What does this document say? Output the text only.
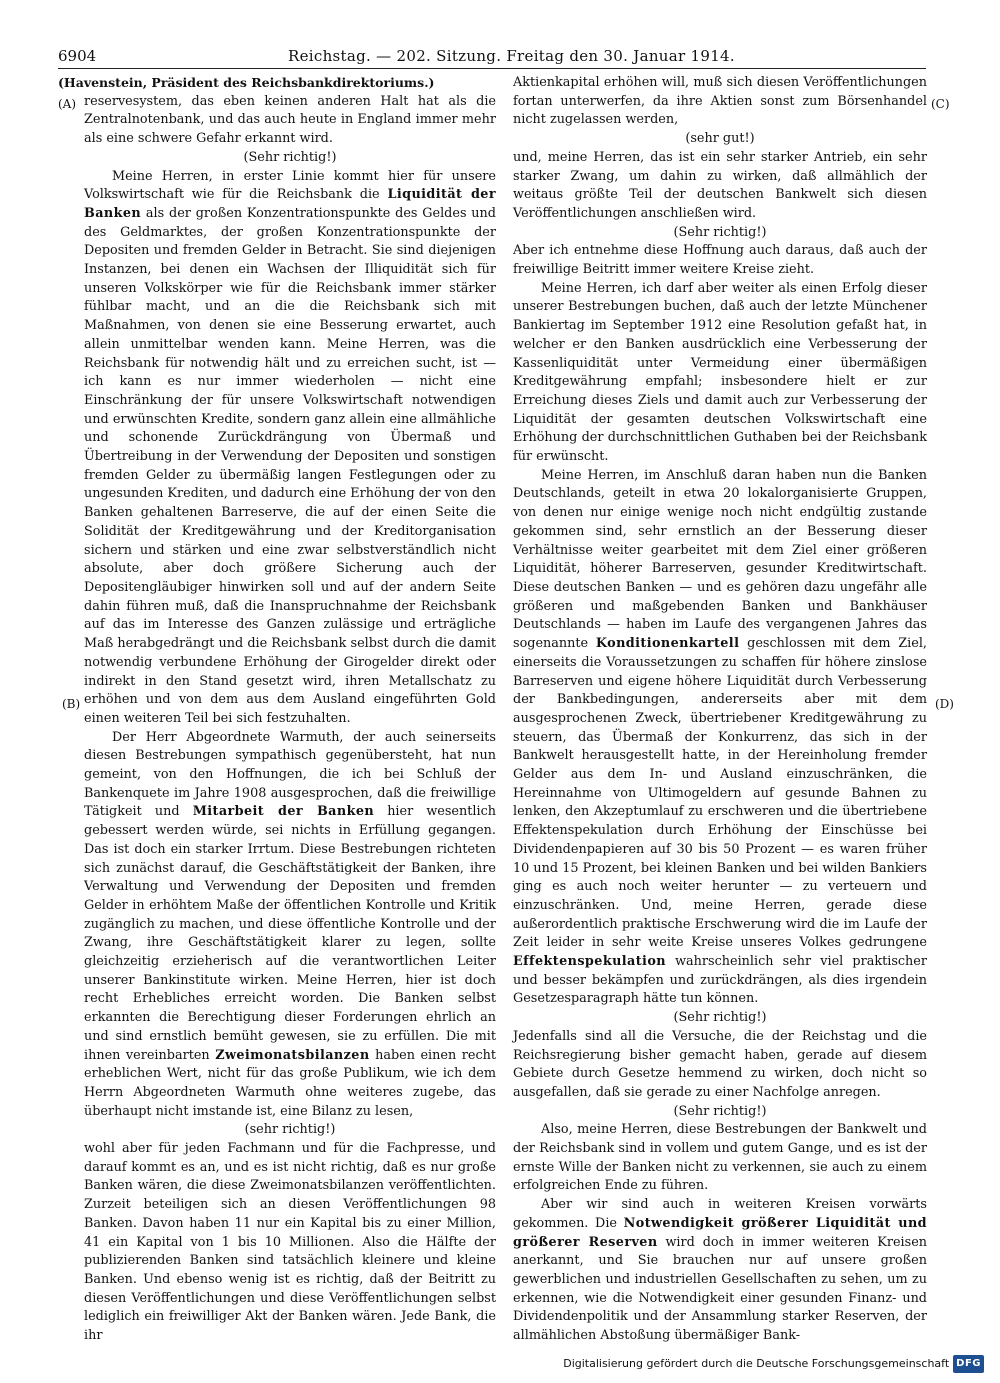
6904	Reichstag. — 202. Sitzung. Freitag den 30. Januar 1914.
(A)
(B)
(C)
(D)

(Havenstein, Präsident des Reichsbankdirektoriums.)

reservesystem, das eben keinen anderen Halt hat als die Zentralnotenbank, und das auch heute in England immer mehr als eine schwere Gefahr erkannt wird.

(Sehr richtig!)

Meine Herren, in erster Linie kommt hier für unsere Volkswirtschaft wie für die Reichsbank die Liquidität der Banken als der großen Konzentrationspunkte des Geldes und des Geldmarktes, der großen Konzentrationspunkte der Depositen und fremden Gelder in Betracht. Sie sind diejenigen Instanzen, bei denen ein Wachsen der Illiquidität sich für unseren Volkskörper wie für die Reichsbank immer stärker fühlbar macht, und an die die Reichsbank sich mit Maßnahmen, von denen sie eine Besserung erwartet, auch allein unmittelbar wenden kann. Meine Herren, was die Reichsbank für notwendig hält und zu erreichen sucht, ist — ich kann es nur immer wiederholen — nicht eine Einschränkung der für unsere Volkswirtschaft notwendigen und erwünschten Kredite, sondern ganz allein eine allmähliche und schonende Zurückdrängung von Übermaß und Übertreibung in der Verwendung der Depositen und sonstigen fremden Gelder zu übermäßig langen Festlegungen oder zu ungesunden Krediten, und dadurch eine Erhöhung der von den Banken gehaltenen Barreserve, die auf der einen Seite die Solidität der Kreditgewährung und der Kreditorganisation sichern und stärken und eine zwar selbstverständlich nicht absolute, aber doch größere Sicherung auch der Depositengläubiger hinwirken soll und auf der andern Seite dahin führen muß, daß die Inanspruchnahme der Reichsbank auf das im Interesse des Ganzen zulässige und erträgliche Maß herabgedrängt und die Reichsbank selbst durch die damit notwendig verbundene Erhöhung der Girogelder direkt oder indirekt in den Stand gesetzt wird, ihren Metallschatz zu erhöhen und von dem aus dem Ausland eingeführten Gold einen weiteren Teil bei sich festzuhalten.

Der Herr Abgeordnete Warmuth, der auch seinerseits diesen Bestrebungen sympathisch gegenübersteht, hat nun gemeint, von den Hoffnungen, die ich bei Schluß der Bankenquete im Jahre 1908 ausgesprochen, daß die freiwillige Tätigkeit und Mitarbeit der Banken hier wesentlich gebessert werden würde, sei nichts in Erfüllung gegangen. Das ist doch ein starker Irrtum. Diese Bestrebungen richteten sich zunächst darauf, die Geschäftstätigkeit der Banken, ihre Verwaltung und Verwendung der Depositen und fremden Gelder in erhöhtem Maße der öffentlichen Kontrolle und Kritik zugänglich zu machen, und diese öffentliche Kontrolle und der Zwang, ihre Geschäftstätigkeit klarer zu legen, sollte gleichzeitig erzieherisch auf die verantwortlichen Leiter unserer Bankinstitute wirken. Meine Herren, hier ist doch recht Erhebliches erreicht worden. Die Banken selbst erkannten die Berechtigung dieser Forderungen ehrlich an und sind ernstlich bemüht gewesen, sie zu erfüllen. Die mit ihnen vereinbarten Zweimonatsbilanzen haben einen recht erheblichen Wert, nicht für das große Publikum, wie ich dem Herrn Abgeordneten Warmuth ohne weiteres zugebe, das überhaupt nicht imstande ist, eine Bilanz zu lesen,

(sehr richtig!)

wohl aber für jeden Fachmann und für die Fachpresse, und darauf kommt es an, und es ist nicht richtig, daß es nur große Banken wären, die diese Zweimonatsbilanzen veröffentlichten. Zurzeit beteiligen sich an diesen Veröffentlichungen 98 Banken. Davon haben 11 nur ein Kapital bis zu einer Million, 41 ein Kapital von 1 bis 10 Millionen. Also die Hälfte der publizierenden Banken sind tatsächlich kleinere und kleine Banken. Und ebenso wenig ist es richtig, daß der Beitritt zu diesen Veröffentlichungen und diese Veröffentlichungen selbst lediglich ein freiwilliger Akt der Banken wären. Jede Bank, die ihr

Aktienkapital erhöhen will, muß sich diesen Veröffentlichungen fortan unterwerfen, da ihre Aktien sonst zum Börsenhandel nicht zugelassen werden,

(sehr gut!)

und, meine Herren, das ist ein sehr starker Antrieb, ein sehr starker Zwang, um dahin zu wirken, daß allmählich der weitaus größte Teil der deutschen Bankwelt sich diesen Veröffentlichungen anschließen wird.

(Sehr richtig!)

Aber ich entnehme diese Hoffnung auch daraus, daß auch der freiwillige Beitritt immer weitere Kreise zieht.

Meine Herren, ich darf aber weiter als einen Erfolg dieser unserer Bestrebungen buchen, daß auch der letzte Münchener Bankiertag im September 1912 eine Resolution gefaßt hat, in welcher er den Banken ausdrücklich eine Verbesserung der Kassenliquidität unter Vermeidung einer übermäßigen Kreditgewährung empfahl; insbesondere hielt er zur Erreichung dieses Ziels und damit auch zur Verbesserung der Liquidität der gesamten deutschen Volkswirtschaft eine Erhöhung der durchschnittlichen Guthaben bei der Reichsbank für erwünscht.

Meine Herren, im Anschluß daran haben nun die Banken Deutschlands, geteilt in etwa 20 lokalorganisierte Gruppen, von denen nur einige wenige noch nicht endgültig zustande gekommen sind, sehr ernstlich an der Besserung dieser Verhältnisse weiter gearbeitet mit dem Ziel einer größeren Liquidität, höherer Barreserven, gesunder Kreditwirtschaft. Diese deutschen Banken — und es gehören dazu ungefähr alle größeren und maßgebenden Banken und Bankhäuser Deutschlands — haben im Laufe des vergangenen Jahres das sogenannte Konditionenkartell geschlossen mit dem Ziel, einerseits die Voraussetzungen zu schaffen für höhere zinslose Barreserven und eigene höhere Liquidität durch Verbesserung der Bankbedingungen, andererseits aber mit dem ausgesprochenen Zweck, übertriebener Kreditgewährung zu steuern, das Übermaß der Konkurrenz, das sich in der Bankwelt herausgestellt hatte, in der Hereinholung fremder Gelder aus dem In- und Ausland einzuschränken, die Hereinnahme von Ultimogeldern auf gesunde Bahnen zu lenken, den Akzeptumlauf zu erschweren und die übertriebene Effektenspekulation durch Erhöhung der Einschüsse bei Dividendenpapieren auf 30 bis 50 Prozent — es waren früher 10 und 15 Prozent, bei kleinen Banken und bei wilden Bankiers ging es auch noch weiter herunter — zu verteuern und einzuschränken. Und, meine Herren, gerade diese außerordentlich praktische Erschwerung wird die im Laufe der Zeit leider in sehr weite Kreise unseres Volkes gedrungene Effektenspekulation wahrscheinlich sehr viel praktischer und besser bekämpfen und zurückdrängen, als dies irgendein Gesetzesparagraph hätte tun können.

(Sehr richtig!)

Jedenfalls sind all die Versuche, die der Reichstag und die Reichsregierung bisher gemacht haben, gerade auf diesem Gebiete durch Gesetze hemmend zu wirken, doch nicht so ausgefallen, daß sie gerade zu einer Nachfolge anregen.

(Sehr richtig!)

Also, meine Herren, diese Bestrebungen der Bankwelt und der Reichsbank sind in vollem und gutem Gange, und es ist der ernste Wille der Banken nicht zu verkennen, sie auch zu einem erfolgreichen Ende zu führen.

Aber wir sind auch in weiteren Kreisen vorwärts gekommen. Die Notwendigkeit größerer Liquidität und größerer Reserven wird doch in immer weiteren Kreisen anerkannt, und Sie brauchen nur auf unsere großen gewerblichen und industriellen Gesellschaften zu sehen, um zu erkennen, wie die Notwendigkeit einer gesunden Finanz- und Dividendenpolitik und der Ansammlung starker Reserven, der allmählichen Abstoßung übermäßiger Bank-

Digitalisierung gefördert durch die Deutsche Forschungsgemeinschaft DFG
